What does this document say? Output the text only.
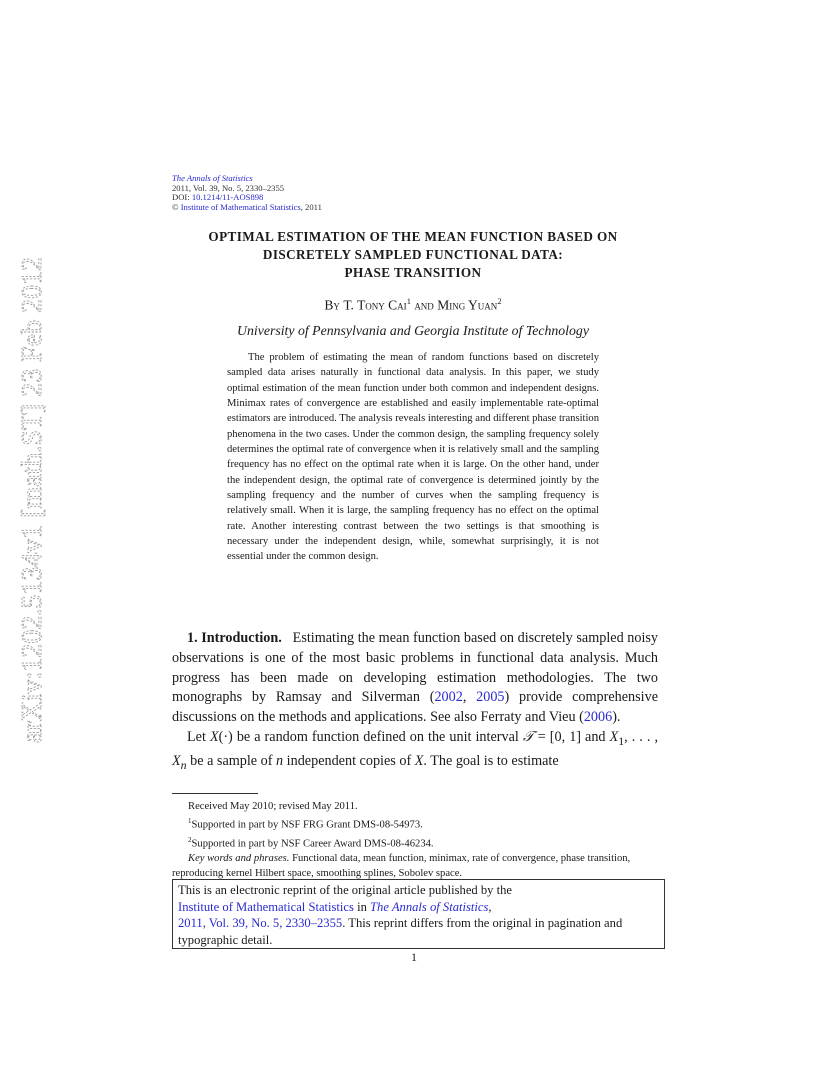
arXiv:1202.5134v1 [math.ST] 23 Feb 2012
The Annals of Statistics
2011, Vol. 39, No. 5, 2330–2355
DOI: 10.1214/11-AOS898
© Institute of Mathematical Statistics, 2011
OPTIMAL ESTIMATION OF THE MEAN FUNCTION BASED ON
DISCRETELY SAMPLED FUNCTIONAL DATA:
PHASE TRANSITION
By T. Tony Cai$^1$ and Ming Yuan$^2$
University of Pennsylvania and Georgia Institute of Technology

The problem of estimating the mean of random functions based on discretely sampled data arises naturally in functional data analysis. In this paper, we study optimal estimation of the mean function under both common and independent designs. Minimax rates of convergence are established and easily implementable rate-optimal estimators are introduced. The analysis reveals interesting and different phase transition phenomena in the two cases. Under the common design, the sampling frequency solely determines the optimal rate of convergence when it is relatively small and the sampling frequency has no effect on the optimal rate when it is large. On the other hand, under the independent design, the optimal rate of convergence is determined jointly by the sampling frequency and the number of curves when the sampling frequency is relatively small. When it is large, the sampling frequency has no effect on the optimal rate. Another interesting contrast between the two settings is that smoothing is necessary under the independent design, while, somewhat surprisingly, it is not essential under the common design.

1. Introduction. Estimating the mean function based on discretely sampled noisy observations is one of the most basic problems in functional data analysis. Much progress has been made on developing estimation methodologies. The two monographs by Ramsay and Silverman (2002, 2005) provide comprehensive discussions on the methods and applications. See also Ferraty and Vieu (2006).

Let X(·) be a random function defined on the unit interval 𝒯 = [0, 1] and $X_1$, . . . , $X_n$ be a sample of n independent copies of X. The goal is to estimate

Received May 2010; revised May 2011.

$^1$Supported in part by NSF FRG Grant DMS-08-54973.

$^2$Supported in part by NSF Career Award DMS-08-46234.

Key words and phrases. Functional data, mean function, minimax, rate of convergence, phase transition, reproducing kernel Hilbert space, smoothing splines, Sobolev space.

This is an electronic reprint of the original article published by the
Institute of Mathematical Statistics in The Annals of Statistics,
2011, Vol. 39, No. 5, 2330–2355. This reprint differs from the original in pagination and typographic detail.
1
